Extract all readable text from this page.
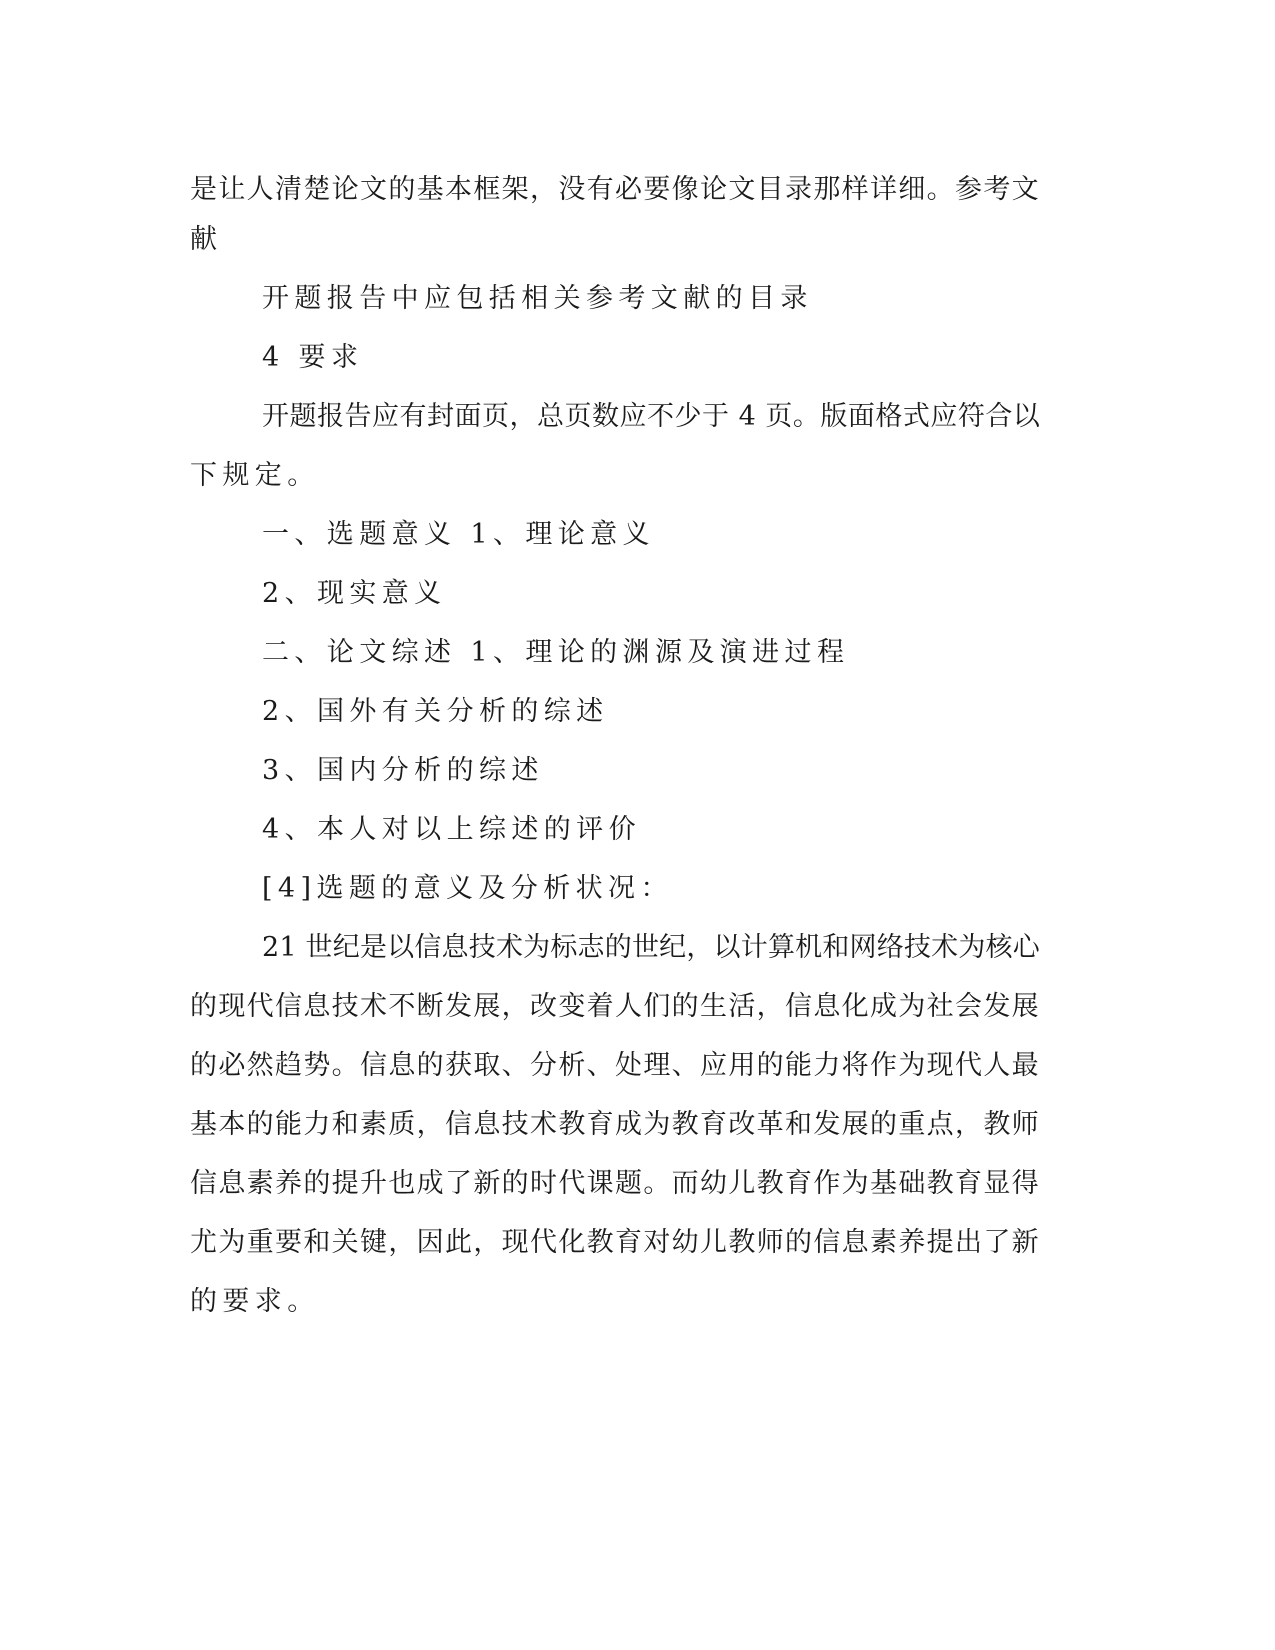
是让人清楚论文的基本框架，没有必要像论文目录那样详细。参考文

献

开题报告中应包括相关参考文献的目录

4 要求

开题报告应有封面页，总页数应不少于 4 页。版面格式应符合以

下规定。

一、选题意义 1、理论意义

2、现实意义

二、论文综述 1、理论的渊源及演进过程

2、国外有关分析的综述

3、国内分析的综述

4、本人对以上综述的评价

[4]选题的意义及分析状况：

21 世纪是以信息技术为标志的世纪，以计算机和网络技术为核心

的现代信息技术不断发展，改变着人们的生活，信息化成为社会发展

的必然趋势。信息的获取、分析、处理、应用的能力将作为现代人最

基本的能力和素质，信息技术教育成为教育改革和发展的重点，教师

信息素养的提升也成了新的时代课题。而幼儿教育作为基础教育显得

尤为重要和关键，因此，现代化教育对幼儿教师的信息素养提出了新

的要求。
